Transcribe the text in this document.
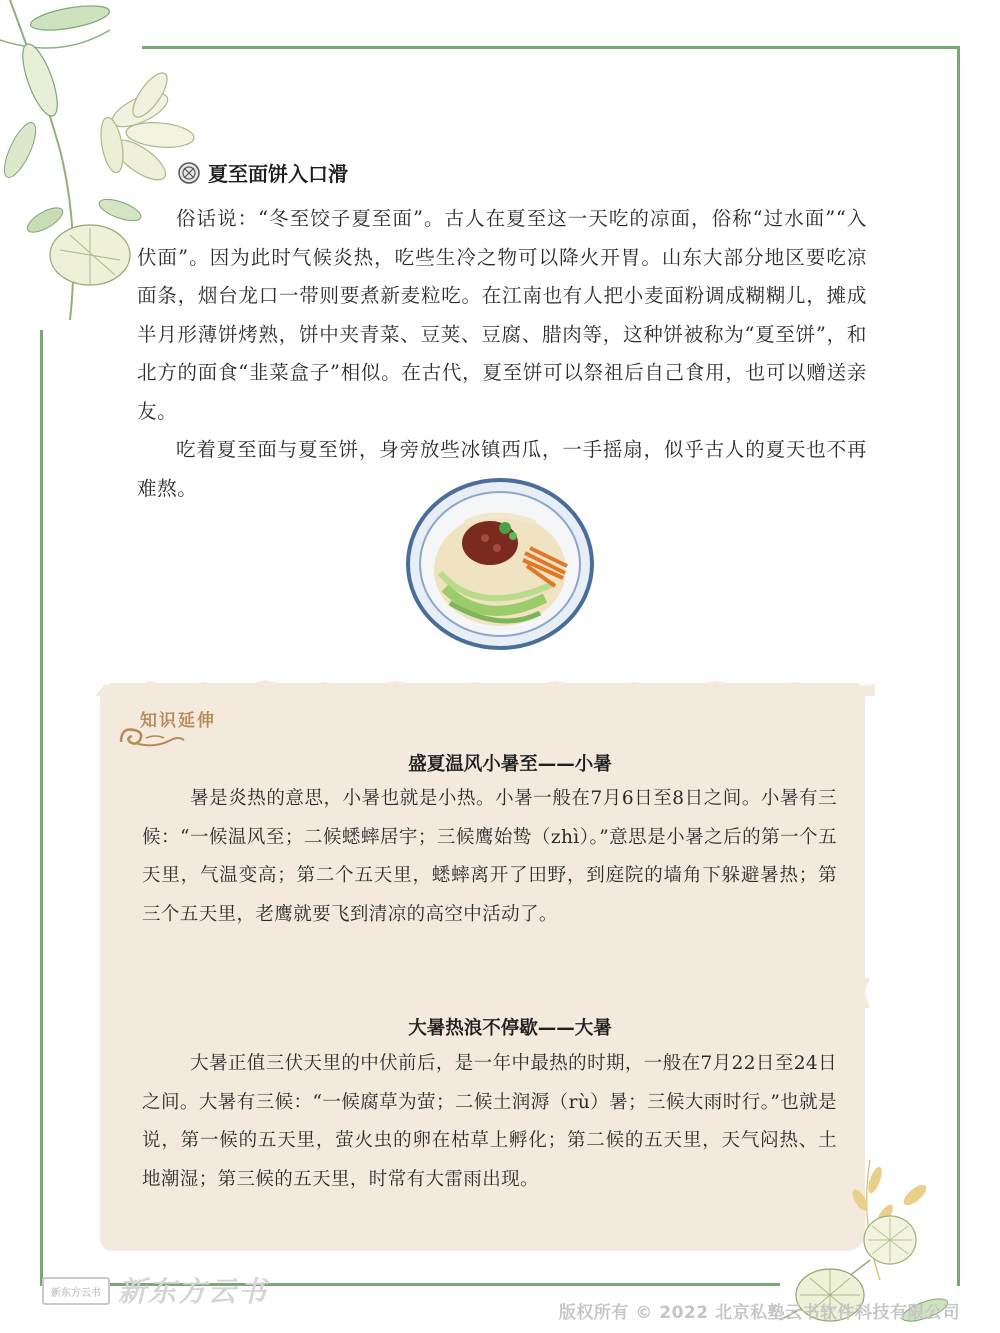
夏至面饼入口滑

俗话说：“冬至饺子夏至面”。古人在夏至这一天吃的凉面，俗称“过水面”“入伏面”。因为此时气候炎热，吃些生冷之物可以降火开胃。山东大部分地区要吃凉面条，烟台龙口一带则要煮新麦粒吃。在江南也有人把小麦面粉调成糊糊儿，摊成半月形薄饼烤熟，饼中夹青菜、豆荚、豆腐、腊肉等，这种饼被称为“夏至饼”，和北方的面食“韭菜盒子”相似。在古代，夏至饼可以祭祖后自己食用，也可以赠送亲友。

吃着夏至面与夏至饼，身旁放些冰镇西瓜，一手摇扇，似乎古人的夏天也不再难熬。

知识延伸
盛夏温风小暑至——小暑

暑是炎热的意思，小暑也就是小热。小暑一般在7月6日至8日之间。小暑有三候：“一候温风至；二候蟋蟀居宇；三候鹰始鸷（zhì）。”意思是小暑之后的第一个五天里，气温变高；第二个五天里，蟋蟀离开了田野，到庭院的墙角下躲避暑热；第三个五天里，老鹰就要飞到清凉的高空中活动了。

大暑热浪不停歇——大暑

大暑正值三伏天里的中伏前后，是一年中最热的时期，一般在7月22日至24日之间。大暑有三候：“一候腐草为萤；二候土润溽（rù）暑；三候大雨时行。”也就是说，第一候的五天里，萤火虫的卵在枯草上孵化；第二候的五天里，天气闷热、土地潮湿；第三候的五天里，时常有大雷雨出现。

新东方云书 新东方云书
版权所有 © 2022 北京私塾云书软件科技有限公司
